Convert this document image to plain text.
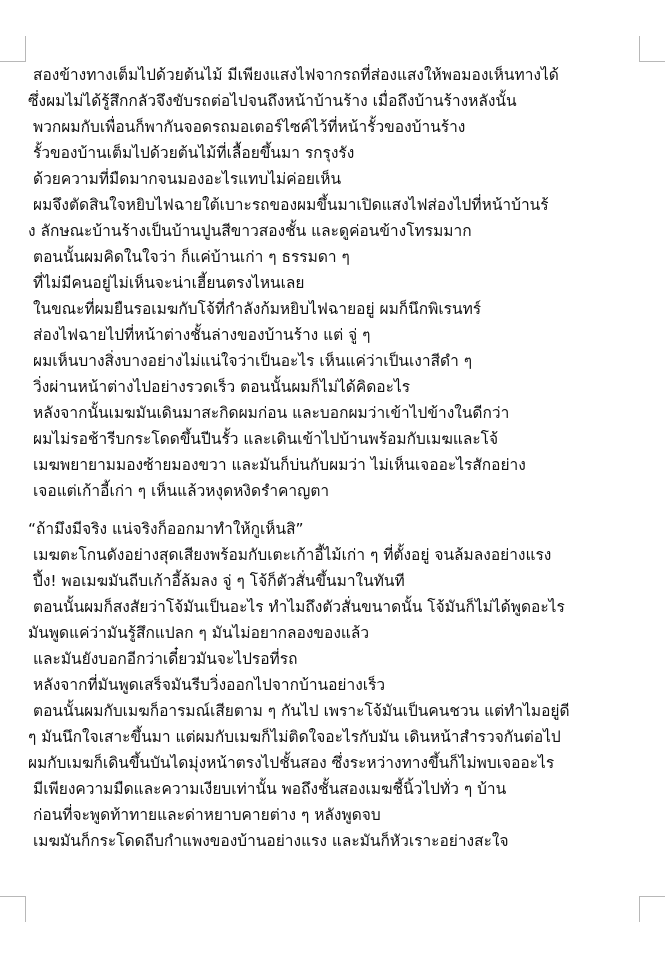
สองข้างทางเต็มไปด้วยต้นไม้ มีเพียงแสงไฟจากรถที่ส่องแสงให้พอมองเห็นทางได้
ซึ่งผมไม่ได้รู้สึกกลัวจึงขับรถต่อไปจนถึงหน้าบ้านร้าง เมื่อถึงบ้านร้างหลังนั้น
พวกผมกับเพื่อนก็พากันจอดรถมอเตอร์ไซค์ไว้ที่หน้ารั้วของบ้านร้าง
รั้วของบ้านเต็มไปด้วยต้นไม้ที่เลื้อยขึ้นมา รกรุงรัง
ด้วยความที่มืดมากจนมองอะไรแทบไม่ค่อยเห็น
ผมจึงตัดสินใจหยิบไฟฉายใต้เบาะรถของผมขึ้นมาเปิดแสงไฟส่องไปที่หน้าบ้านร้
ง ลักษณะบ้านร้างเป็นบ้านปูนสีขาวสองชั้น และดูค่อนข้างโทรมมาก
ตอนนั้นผมคิดในใจว่า ก็แค่บ้านเก่า ๆ ธรรมดา ๆ
ที่ไม่มีคนอยู่ไม่เห็นจะน่าเฮี้ยนตรงไหนเลย
ในขณะที่ผมยืนรอเมฆกับโจ้ที่กำลังก้มหยิบไฟฉายอยู่ ผมก็นึกพิเรนทร์
ส่องไฟฉายไปที่หน้าต่างชั้นล่างของบ้านร้าง แต่ จู่ ๆ
ผมเห็นบางสิ่งบางอย่างไม่แน่ใจว่าเป็นอะไร เห็นแค่ว่าเป็นเงาสีดำ ๆ
วิ่งผ่านหน้าต่างไปอย่างรวดเร็ว ตอนนั้นผมก็ไม่ได้คิดอะไร
หลังจากนั้นเมฆมันเดินมาสะกิดผมก่อน และบอกผมว่าเข้าไปข้างในดีกว่า
ผมไม่รอช้ารีบกระโดดขึ้นปีนรั้ว และเดินเข้าไปบ้านพร้อมกับเมฆและโจ้
เมฆพยายามมองซ้ายมองขวา และมันก็บ่นกับผมว่า ไม่เห็นเจออะไรสักอย่าง
เจอแต่เก้าอี้เก่า ๆ เห็นแล้วหงุดหงิดรำคาญตา
“ถ้ามึงมีจริง แน่จริงก็ออกมาทำให้กูเห็นสิ”
เมฆตะโกนดังอย่างสุดเสียงพร้อมกับเตะเก้าอี้ไม้เก่า ๆ ที่ตั้งอยู่ จนล้มลงอย่างแรง
ปึ้ง! พอเมฆมันถีบเก้าอี้ล้มลง จู่ ๆ โจ้ก็ตัวสั่นขึ้นมาในทันที
ตอนนั้นผมก็สงสัยว่าโจ้มันเป็นอะไร ทำไมถึงตัวสั่นขนาดนั้น โจ้มันก็ไม่ได้พูดอะไร
มันพูดแค่ว่ามันรู้สึกแปลก ๆ มันไม่อยากลองของแล้ว
และมันยังบอกอีกว่าเดี๋ยวมันจะไปรอที่รถ
หลังจากที่มันพูดเสร็จมันรีบวิ่งออกไปจากบ้านอย่างเร็ว
ตอนนั้นผมกับเมฆก็อารมณ์เสียตาม ๆ กันไป เพราะโจ้มันเป็นคนชวน แต่ทำไมอยู่ดี
ๆ มันนึกใจเสาะขึ้นมา แต่ผมกับเมฆก็ไม่ติดใจอะไรกับมัน เดินหน้าสำรวจกันต่อไป
ผมกับเมฆก็เดินขึ้นบันไดมุ่งหน้าตรงไปชั้นสอง ซึ่งระหว่างทางขึ้นก็ไม่พบเจออะไร
มีเพียงความมืดและความเงียบเท่านั้น พอถึงชั้นสองเมฆชี้นิ้วไปทั่ว ๆ บ้าน
ก่อนที่จะพูดท้าทายและด่าหยาบคายต่าง ๆ หลังพูดจบ
เมฆมันก็กระโดดถีบกำแพงของบ้านอย่างแรง และมันก็หัวเราะอย่างสะใจ
